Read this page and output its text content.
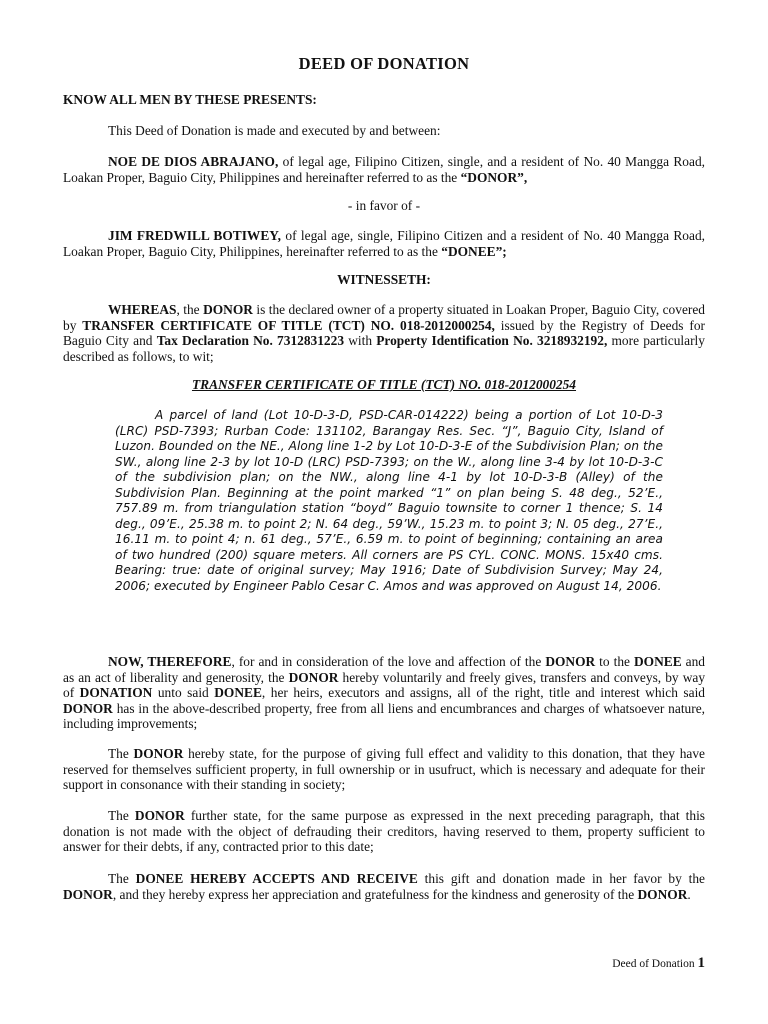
DEED OF DONATION

KNOW ALL MEN BY THESE PRESENTS:

This Deed of Donation is made and executed by and between:

NOE DE DIOS ABRAJANO, of legal age, Filipino Citizen, single, and a resident of No. 40 Mangga Road, Loakan Proper, Baguio City, Philippines and hereinafter referred to as the “DONOR”,

- in favor of -

JIM FREDWILL BOTIWEY, of legal age, single, Filipino Citizen and a resident of No. 40 Mangga Road, Loakan Proper, Baguio City, Philippines, hereinafter referred to as the “DONEE”;

WITNESSETH:

WHEREAS, the DONOR is the declared owner of a property situated in Loakan Proper, Baguio City, covered by TRANSFER CERTIFICATE OF TITLE (TCT) NO. 018-2012000254, issued by the Registry of Deeds for Baguio City and Tax Declaration No. 7312831223 with Property Identification No. 3218932192, more particularly described as follows, to wit;

TRANSFER CERTIFICATE OF TITLE (TCT) NO. 018-2012000254

A parcel of land (Lot 10-D-3-D, PSD-CAR-014222) being a portion of Lot 10-D-3 (LRC) PSD-7393; Rurban Code: 131102, Barangay Res. Sec. “J”, Baguio City, Island of Luzon. Bounded on the NE., Along line 1-2 by Lot 10-D-3-E of the Subdivision Plan; on the SW., along line 2-3 by lot 10-D (LRC) PSD-7393; on the W., along line 3-4 by lot 10-D-3-C of the subdivision plan; on the NW., along line 4-1 by lot 10-D-3-B (Alley) of the Subdivision Plan. Beginning at the point marked “1” on plan being S. 48 deg., 52’E., 757.89 m. from triangulation station “boyd” Baguio townsite to corner 1 thence; S. 14 deg., 09’E., 25.38 m. to point 2; N. 64 deg., 59’W., 15.23 m. to point 3; N. 05 deg., 27’E., 16.11 m. to point 4; n. 61 deg., 57’E., 6.59 m. to point of beginning; containing an area of two hundred (200) square meters. All corners are PS CYL. CONC. MONS. 15x40 cms. Bearing: true: date of original survey; May 1916; Date of Subdivision Survey; May 24, 2006; executed by Engineer Pablo Cesar C. Amos and was approved on August 14, 2006.

NOW, THEREFORE, for and in consideration of the love and affection of the DONOR to the DONEE and as an act of liberality and generosity, the DONOR hereby voluntarily and freely gives, transfers and conveys, by way of DONATION unto said DONEE, her heirs, executors and assigns, all of the right, title and interest which said DONOR has in the above-described property, free from all liens and encumbrances and charges of whatsoever nature, including improvements;

The DONOR hereby state, for the purpose of giving full effect and validity to this donation, that they have reserved for themselves sufficient property, in full ownership or in usufruct, which is necessary and adequate for their support in consonance with their standing in society;

The DONOR further state, for the same purpose as expressed in the next preceding paragraph, that this donation is not made with the object of defrauding their creditors, having reserved to them, property sufficient to answer for their debts, if any, contracted prior to this date;

The DONEE HEREBY ACCEPTS AND RECEIVE this gift and donation made in her favor by the DONOR, and they hereby express her appreciation and gratefulness for the kindness and generosity of the DONOR.

Deed of Donation 1
